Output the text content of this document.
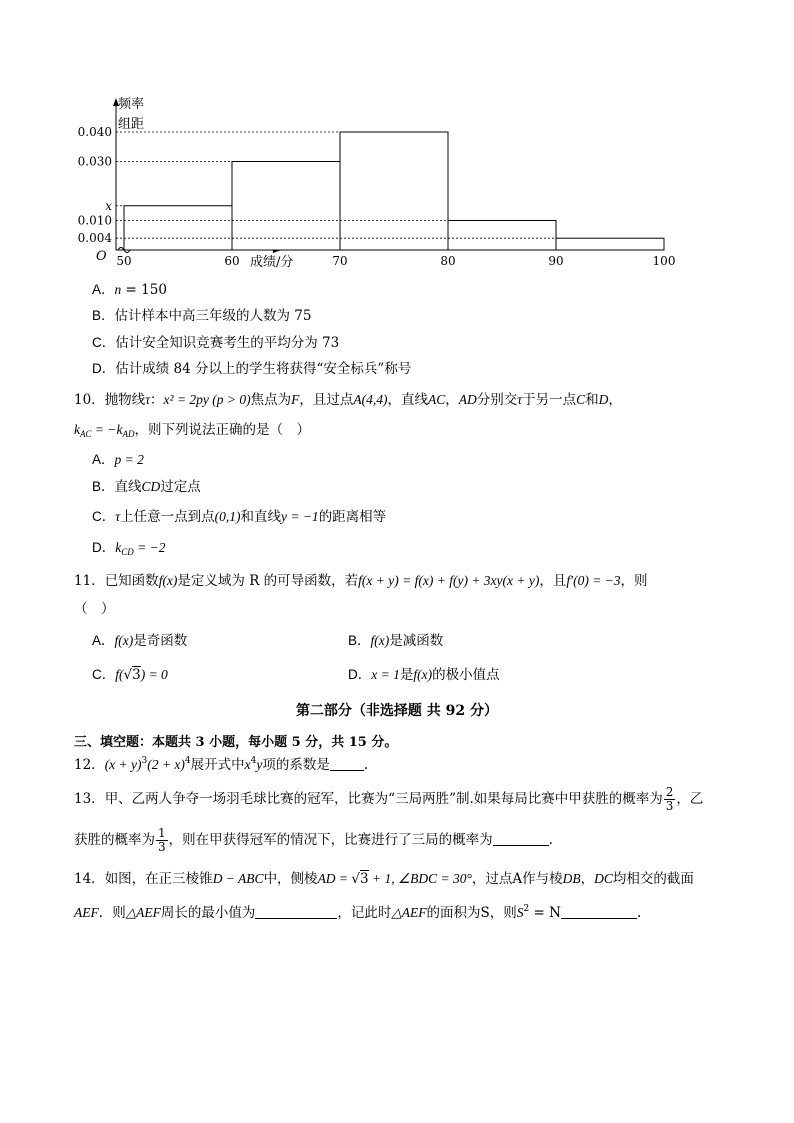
0.040
0.030
x
0.010
0.004
50	60	70	80	90	100
频率
组距
成绩/分
O
A．n = 150
B．估计样本中高三年级的人数为 75
C．估计安全知识竞赛考生的平均分为 73
D．估计成绩 84 分以上的学生将获得“安全标兵”称号
10．抛物线τ：x² = 2py (p > 0)焦点为F，且过点A(4,4)，直线AC，AD分别交τ于另一点C和D，
$k_{AC} = -k_{AD}$，则下列说法正确的是（　）
A．p = 2
B．直线CD过定点
C．τ上任意一点到点(0,1)和直线y = −1的距离相等
D．$k_{CD} = -2$
11．已知函数f(x)是定义域为 R 的可导函数，若f(x + y) = f(x) + f(y) + 3xy(x + y)，且f′(0) = −3，则
（　）
A．f(x)是奇函数	B．f(x)是减函数
C．f(√3) = 0	D．x = 1是f(x)的极小值点
第二部分（非选择题 共 92 分）
三、填空题：本题共 3 小题，每小题 5 分，共 15 分。
12．$(x + y)^3(2 + x)^4$展开式中$x^4y$项的系数是	.
13．甲、乙两人争夺一场羽毛球比赛的冠军，比赛为“三局两胜”制.如果每局比赛中甲获胜的概率为 $\frac{2}{3}$ ，乙
获胜的概率为 $\frac{1}{3}$ ，则在甲获得冠军的情况下，比赛进行了三局的概率为	.
14．如图，在正三棱锥D − ABC中，侧棱AD = √3 + 1, ∠BDC = 30°，过点A作与棱DB，DC均相交的截面
AEF．则△AEF周长的最小值为	，记此时△AEF的面积为S，则$S^2 = N$	.
